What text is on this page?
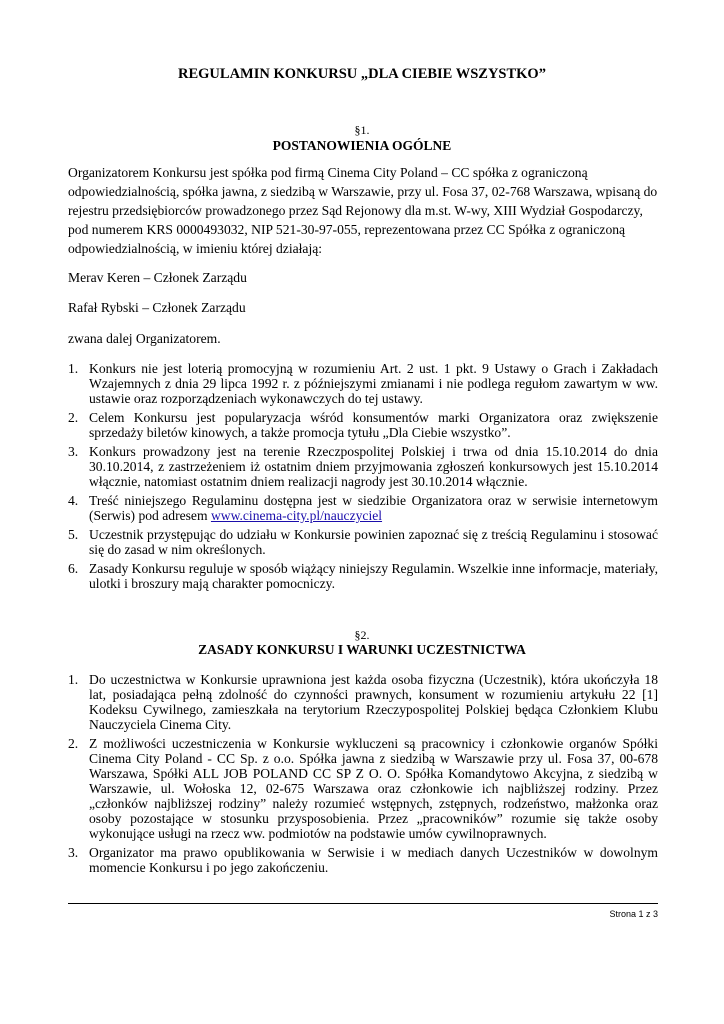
REGULAMIN KONKURSU „DLA CIEBIE WSZYSTKO”
§1.
POSTANOWIENIA OGÓLNE

Organizatorem Konkursu jest spółka pod firmą Cinema City Poland – CC spółka z ograniczoną odpowiedzialnością, spółka jawna, z siedzibą w Warszawie, przy ul. Fosa 37, 02-768 Warszawa, wpisaną do rejestru przedsiębiorców prowadzonego przez Sąd Rejonowy dla m.st. W-wy, XIII Wydział Gospodarczy, pod numerem KRS 0000493032, NIP 521-30-97-055, reprezentowana przez CC Spółka z ograniczoną odpowiedzialnością, w imieniu której działają:

Merav Keren – Członek Zarządu

Rafał Rybski – Członek Zarządu

zwana dalej Organizatorem.

1. Konkurs nie jest loterią promocyjną w rozumieniu Art. 2 ust. 1 pkt. 9 Ustawy o Grach i Zakładach Wzajemnych z dnia 29 lipca 1992 r. z późniejszymi zmianami i nie podlega regułom zawartym w ww. ustawie oraz rozporządzeniach wykonawczych do tej ustawy.
2. Celem Konkursu jest popularyzacja wśród konsumentów marki Organizatora oraz zwiększenie sprzedaży biletów kinowych, a także promocja tytułu „Dla Ciebie wszystko”.
3. Konkurs prowadzony jest na terenie Rzeczpospolitej Polskiej i trwa od dnia 15.10.2014 do dnia 30.10.2014, z zastrzeżeniem iż ostatnim dniem przyjmowania zgłoszeń konkursowych jest 15.10.2014 włącznie, natomiast ostatnim dniem realizacji nagrody jest 30.10.2014 włącznie.
4. Treść niniejszego Regulaminu dostępna jest w siedzibie Organizatora oraz w serwisie internetowym (Serwis) pod adresem www.cinema-city.pl/nauczyciel
5. Uczestnik przystępując do udziału w Konkursie powinien zapoznać się z treścią Regulaminu i stosować się do zasad w nim określonych.
6. Zasady Konkursu reguluje w sposób wiążący niniejszy Regulamin. Wszelkie inne informacje, materiały, ulotki i broszury mają charakter pomocniczy.
§2.
ZASADY KONKURSU I WARUNKI UCZESTNICTWA
1. Do uczestnictwa w Konkursie uprawniona jest każda osoba fizyczna (Uczestnik), która ukończyła 18 lat, posiadająca pełną zdolność do czynności prawnych, konsument w rozumieniu artykułu 22 [1] Kodeksu Cywilnego, zamieszkała na terytorium Rzeczypospolitej Polskiej będąca Członkiem Klubu Nauczyciela Cinema City.
2. Z możliwości uczestniczenia w Konkursie wykluczeni są pracownicy i członkowie organów Spółki Cinema City Poland - CC Sp. z o.o. Spółka jawna z siedzibą w Warszawie przy ul. Fosa 37, 00-678 Warszawa, Spółki ALL JOB POLAND CC SP Z O. O. Spółka Komandytowo Akcyjna, z siedzibą w Warszawie, ul. Wołoska 12, 02-675 Warszawa oraz członkowie ich najbliższej rodziny. Przez „członków najbliższej rodziny” należy rozumieć wstępnych, zstępnych, rodzeństwo, małżonka oraz osoby pozostające w stosunku przysposobienia. Przez „pracowników” rozumie się także osoby wykonujące usługi na rzecz ww. podmiotów na podstawie umów cywilnoprawnych.
3. Organizator ma prawo opublikowania w Serwisie i w mediach danych Uczestników w dowolnym momencie Konkursu i po jego zakończeniu.
Strona 1 z 3
